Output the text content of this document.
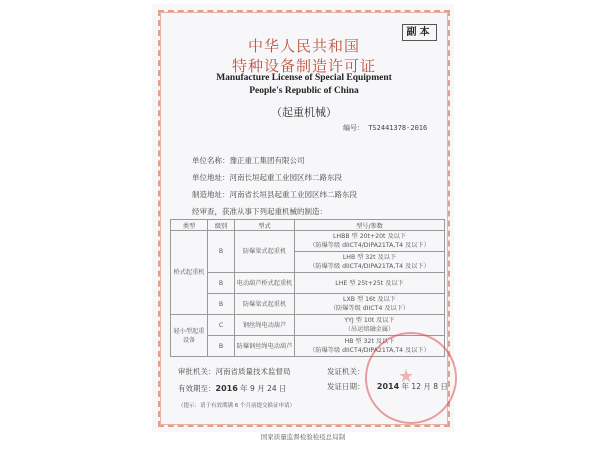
副本
中华人民共和国
特种设备制造许可证
Manufacture License of Special Equipment
People's Republic of China
（起重机械）
编号： TS2441378-2016
单位名称：豫正重工集团有限公司
单位地址：河南长垣起重工业园区纬二路东段
制造地址：河南省长垣县起重工业园区纬二路东段
经审查，获准从事下列起重机械的制造：
类型	级别	型式	型号/参数
桥式起重机	B	防爆梁式起重机	LHBB 型 20t+20t 及以下
（防爆等级 dIICT4/DIPA21TA,T4 及以下）

			LHB 型 32t 及以下
（防爆等级 dIICT4/DIPA21TA,T4 及以下）

	B	电动葫芦桥式起重机	LHE 型 25t+25t 及以下

	B	防爆梁式起重机	LXB 型 16t 及以下
（防爆等级 dIICT4 及以下）

轻小型起重设备	C	钢丝绳电动葫芦	YYJ 型 10t 及以下
（吊运熔融金属）

	B	防爆钢丝绳电动葫芦	HB 型 32t 及以下
（防爆等级 dIICT4/DIPA21TA,T4 及以下）
审批机关：河南省质量技术监督局	发证机关：
有效期至：2016 年 9 月 24 日	发证日期： 2014 年 12 月 8 日
（提示：请于有效期满 6 个月前提交换证申请）
★
国家质量监督检验检疫总局制
